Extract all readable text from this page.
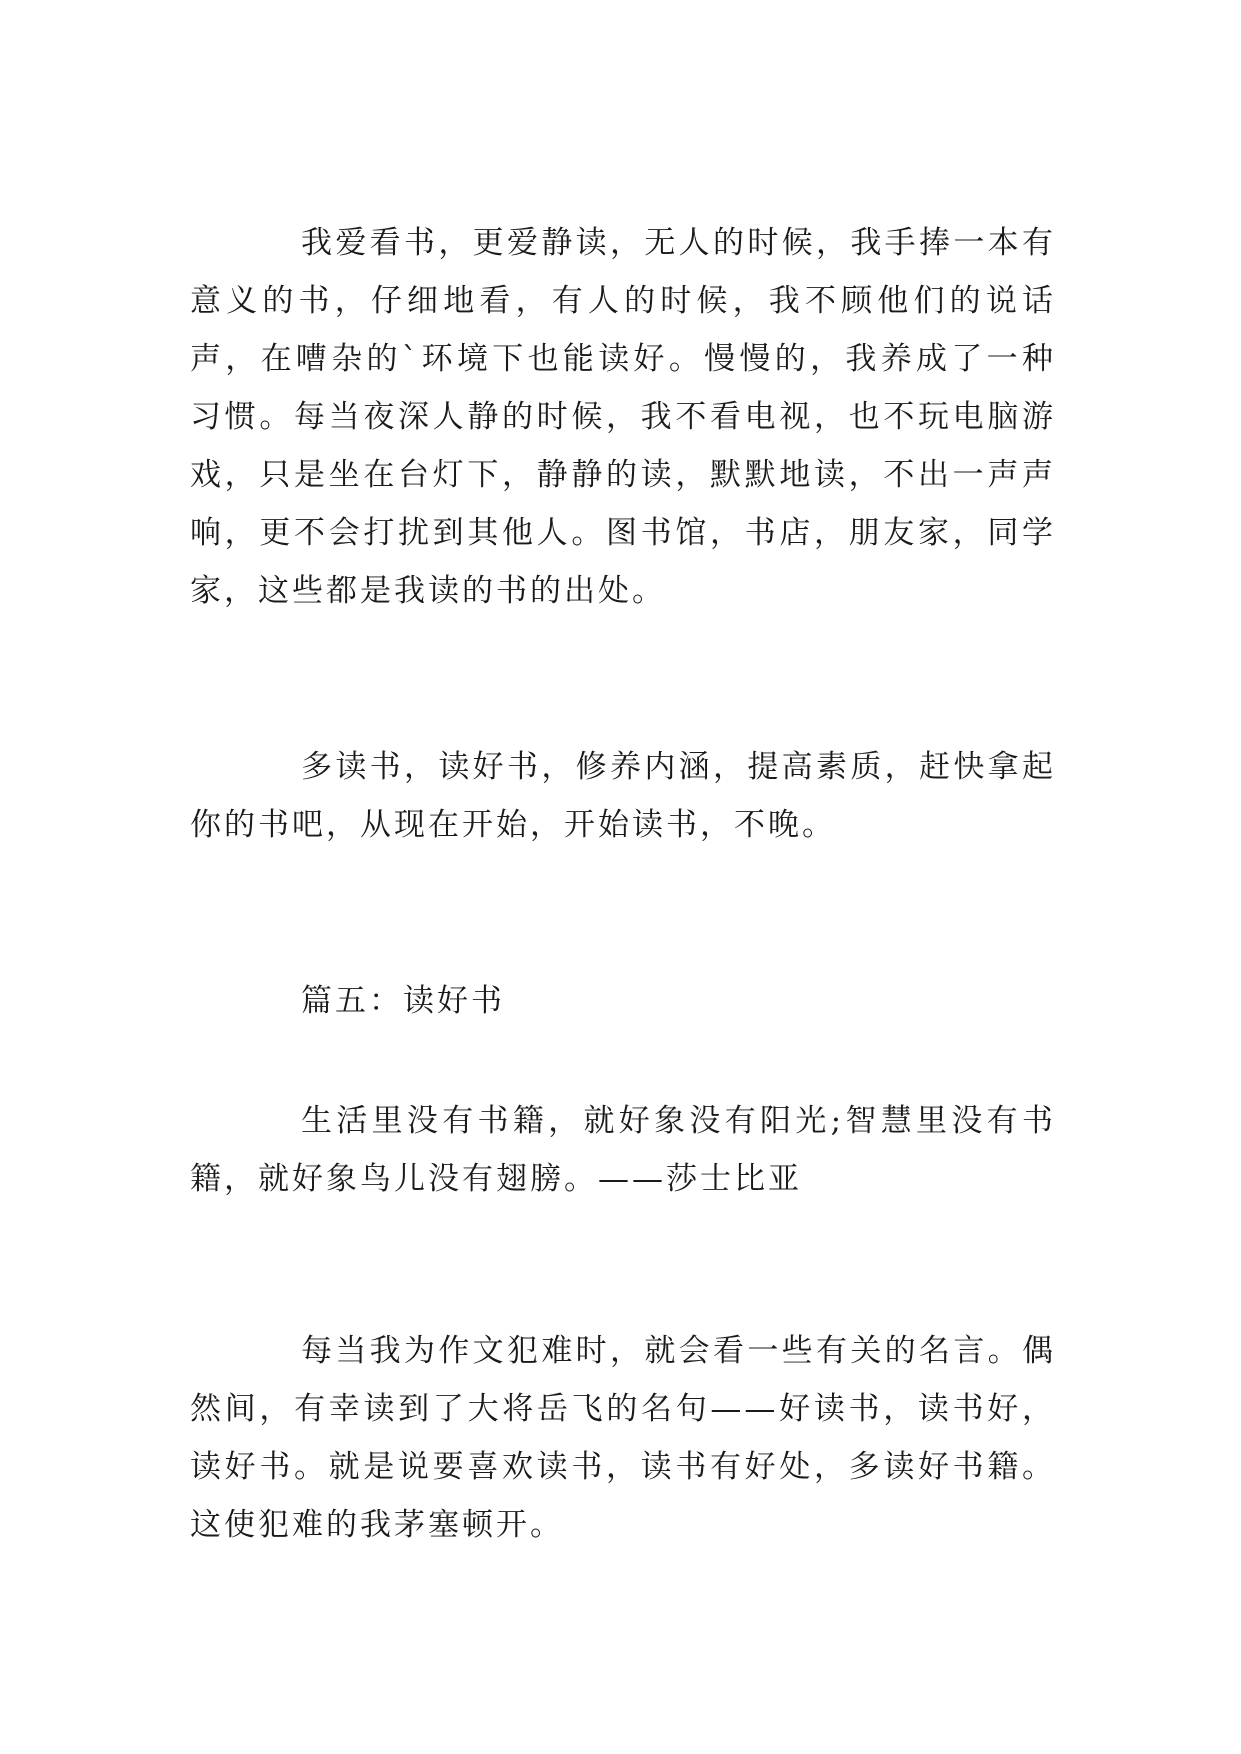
我爱看书，更爱静读，无人的时候，我手捧一本有意义的书，仔细地看，有人的时候，我不顾他们的说话声，在嘈杂的`环境下也能读好。慢慢的，我养成了一种习惯。每当夜深人静的时候，我不看电视，也不玩电脑游戏，只是坐在台灯下，静静的读，默默地读，不出一声声响，更不会打扰到其他人。图书馆，书店，朋友家，同学家，这些都是我读的书的出处。

多读书，读好书，修养内涵，提高素质，赶快拿起你的书吧，从现在开始，开始读书，不晚。

篇五：读好书

生活里没有书籍，就好象没有阳光;智慧里没有书籍，就好象鸟儿没有翅膀。——莎士比亚

每当我为作文犯难时，就会看一些有关的名言。偶然间，有幸读到了大将岳飞的名句——好读书，读书好，读好书。就是说要喜欢读书，读书有好处，多读好书籍。这使犯难的我茅塞顿开。
